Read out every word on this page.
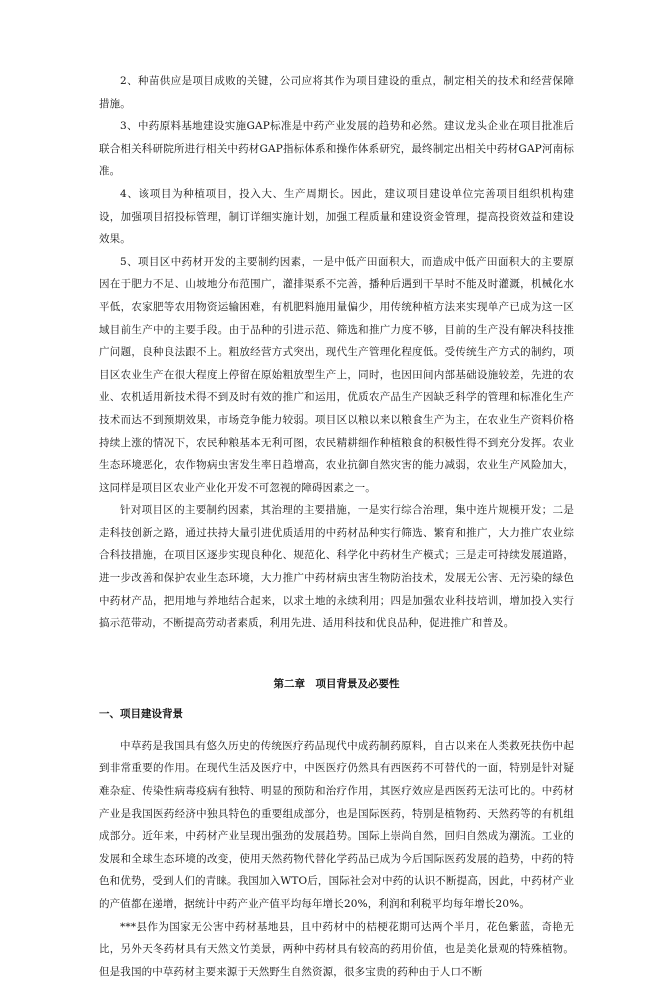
2、种苗供应是项目成败的关键，公司应将其作为项目建设的重点，制定相关的技术和经营保障措施。

3、中药原料基地建设实施GAP标准是中药产业发展的趋势和必然。建议龙头企业在项目批准后联合相关科研院所进行相关中药材GAP指标体系和操作体系研究，最终制定出相关中药材GAP河南标准。

4、该项目为种植项目，投入大、生产周期长。因此，建议项目建设单位完善项目组织机构建设，加强项目招投标管理，制订详细实施计划，加强工程质量和建设资金管理，提高投资效益和建设效果。

5、项目区中药材开发的主要制约因素，一是中低产田面积大，而造成中低产田面积大的主要原因在于肥力不足、山坡地分布范围广，灌排渠系不完善，播种后遇到干旱时不能及时灌溉，机械化水平低，农家肥等农用物资运输困难，有机肥料施用量偏少，用传统种植方法来实现单产已成为这一区域目前生产中的主要手段。由于品种的引进示范、筛选和推广力度不够，目前的生产没有解决科技推广问题，良种良法跟不上。粗放经营方式突出，现代生产管理化程度低。受传统生产方式的制约，项目区农业生产在很大程度上停留在原始粗放型生产上，同时，也因田间内部基础设施较差，先进的农业、农机适用新技术得不到及时有效的推广和运用，优质农产品生产因缺乏科学的管理和标准化生产技术而达不到预期效果，市场竞争能力较弱。项目区以粮以来以粮食生产为主，在农业生产资料价格持续上涨的情况下，农民种粮基本无利可图，农民精耕细作种植粮食的积极性得不到充分发挥。农业生态环境恶化，农作物病虫害发生率日趋增高，农业抗御自然灾害的能力减弱，农业生产风险加大，这同样是项目区农业产业化开发不可忽视的障碍因素之一。

针对项目区的主要制约因素，其治理的主要措施，一是实行综合治理，集中连片规模开发；二是走科技创新之路，通过扶持大量引进优质适用的中药材品种实行筛选、繁育和推广，大力推广农业综合科技措施，在项目区逐步实现良种化、规范化、科学化中药材生产模式；三是走可持续发展道路，进一步改善和保护农业生态环境，大力推广中药材病虫害生物防治技术，发展无公害、无污染的绿色中药材产品，把用地与养地结合起来，以求土地的永续利用；四是加强农业科技培训，增加投入实行搞示范带动，不断提高劳动者素质，利用先进、适用科技和优良品种，促进推广和普及。

第二章　项目背景及必要性
一、项目建设背景

中草药是我国具有悠久历史的传统医疗药品现代中成药制药原料，自古以来在人类救死扶伤中起到非常重要的作用。在现代生活及医疗中，中医医疗仍然具有西医药不可替代的一面，特别是针对疑难杂症、传染性病毒疫病有独特、明显的预防和治疗作用，其医疗效应是西医药无法可比的。中药材产业是我国医药经济中独具特色的重要组成部分，也是国际医药，特别是植物药、天然药等的有机组成部分。近年来，中药材产业呈现出强劲的发展趋势。国际上崇尚自然，回归自然成为潮流。工业的发展和全球生态环境的改变，使用天然药物代替化学药品已成为今后国际医药发展的趋势，中药的特色和优势，受到人们的青睐。我国加入WTO后，国际社会对中药的认识不断提高，因此，中药材产业的产值都在递增，据统计中药产业产值平均每年增长20%，利润和利税平均每年增长20%。

***县作为国家无公害中药材基地县，且中药材中的桔梗花期可达两个半月，花色紫蓝，奇艳无比，另外天冬药材具有天然文竹美景，两种中药材具有较高的药用价值，也是美化景观的特殊植物。但是我国的中草药材主要来源于天然野生自然资源，很多宝贵的药种由于人口不断
